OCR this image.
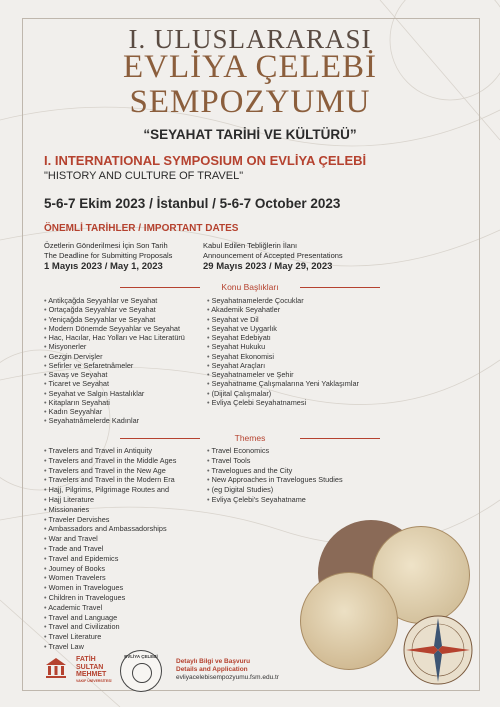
I. ULUSLARARASI
EVLİYA ÇELEBİ
SEMPOZYUMU
“SEYAHAT TARİHİ VE KÜLTÜRÜ”
I. INTERNATIONAL SYMPOSIUM ON EVLİYA ÇELEBİ
"HISTORY AND CULTURE OF TRAVEL"
5-6-7 Ekim 2023 / İstanbul / 5-6-7 October 2023
ÖNEMLİ TARİHLER / IMPORTANT DATES
Özetlerin Gönderilmesi İçin Son Tarih
The Deadline for Submitting Proposals
1 Mayıs 2023 / May 1, 2023
Kabul Edilen Tebliğlerin İlanı
Announcement of Accepted Presentations
29 Mayıs 2023 / May 29, 2023
Konu Başlıkları
• Antikçağda Seyyahlar ve Seyahat
• Ortaçağda Seyyahlar ve Seyahat
• Yeniçağda Seyyahlar ve Seyahat
• Modern Dönemde Seyyahlar ve Seyahat
• Hac, Hacılar, Hac Yolları ve Hac Literatürü
• Misyonerler
• Gezgin Dervişler
• Sefirler ve Sefaretnâmeler
• Savaş ve Seyahat
• Ticaret ve Seyahat
• Seyahat ve Salgın Hastalıklar
• Kitapların Seyahati
• Kadın Seyyahlar
• Seyahatnâmelerde Kadınlar
• Seyahatnamelerde Çocuklar
• Akademik Seyahatler
• Seyahat ve Dil
• Seyahat ve Uygarlık
• Seyahat Edebiyatı
• Seyahat Hukuku
• Seyahat Ekonomisi
• Seyahat Araçları
• Seyahatnameler ve Şehir
• Seyahatname Çalışmalarına Yeni Yaklaşımlar
• (Dijital Çalışmalar)
• Evliya Çelebi Seyahatnamesi
Themes
• Travelers and Travel in Antiquity
• Travelers and Travel in the Middle Ages
• Travelers and Travel in the New Age
• Travelers and Travel in the Modern Era
• Hajj, Pilgrims, Pilgrimage Routes and
• Hajj Literature
• Missionaries
• Traveler Dervishes
• Ambassadors and Ambassadorships
• War and Travel
• Trade and Travel
• Travel and Epidemics
• Journey of Books
• Women Travelers
• Women in Travelogues
• Children in Travelogues
• Academic Travel
• Travel and Language
• Travel and Civilization
• Travel Literature
• Travel Law
• Travel Economics
• Travel Tools
• Travelogues and the City
• New Approaches in Travelogues Studies
• (eg Digital Studies)
• Evliya Çelebi's Seyahatname
FATİH
SULTAN
MEHMET
VAKIF ÜNİVERSİTESİ
EVLİYA ÇELEBİ
Detaylı Bilgi ve Başvuru
Details and Application
evliyacelebisempozyumu.fsm.edu.tr
